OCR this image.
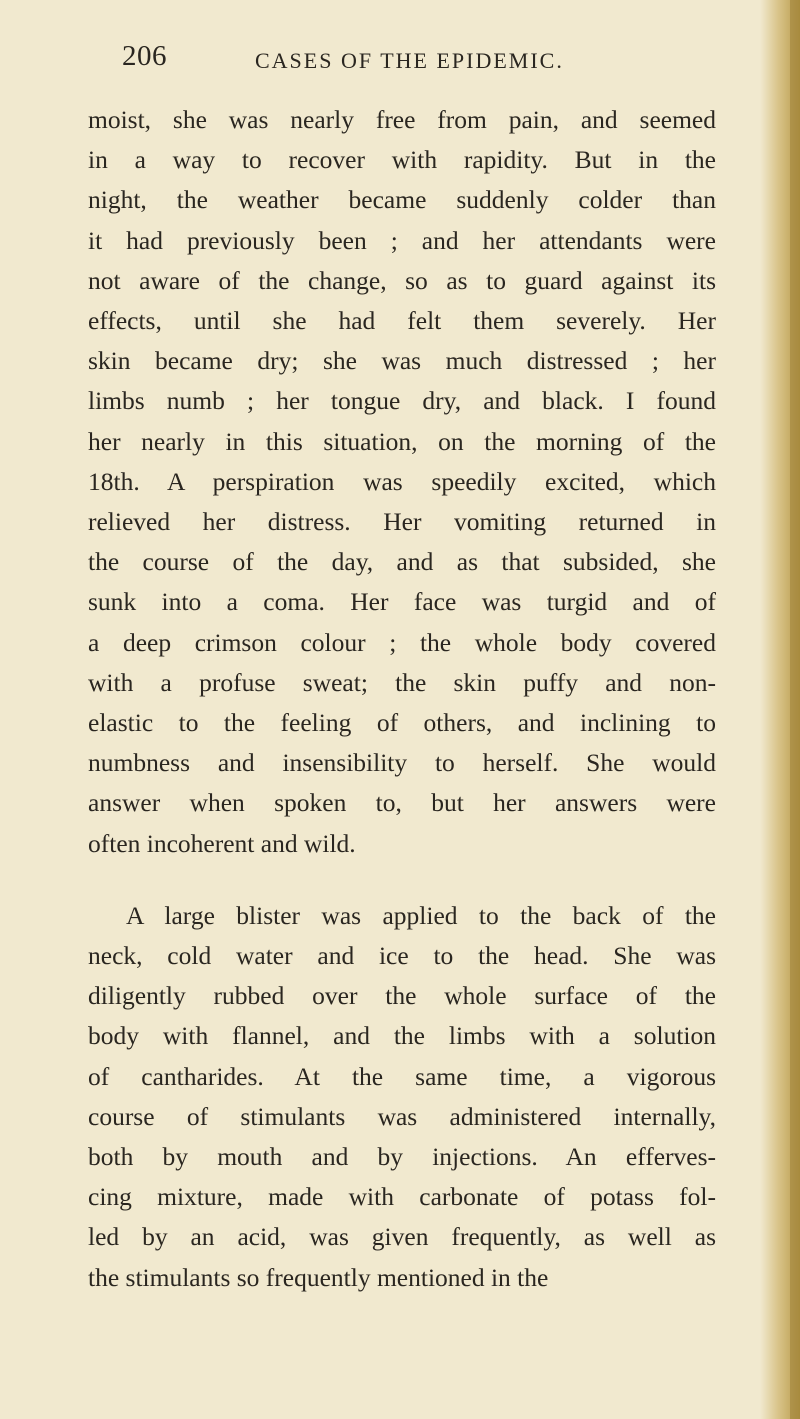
206	CASES OF THE EPIDEMIC.

moist, she was nearly free from pain, and seemed
in a way to recover with rapidity. But in the
night, the weather became suddenly colder than
it had previously been ; and her attendants were
not aware of the change, so as to guard against its
effects, until she had felt them severely. Her
skin became dry; she was much distressed ; her
limbs numb ; her tongue dry, and black. I found
her nearly in this situation, on the morning of the
18th. A perspiration was speedily excited, which
relieved her distress. Her vomiting returned in
the course of the day, and as that subsided, she
sunk into a coma. Her face was turgid and of
a deep crimson colour ; the whole body covered
with a profuse sweat; the skin puffy and non-
elastic to the feeling of others, and inclining to
numbness and insensibility to herself. She would
answer when spoken to, but her answers were
often incoherent and wild.

A large blister was applied to the back of the
neck, cold water and ice to the head. She was
diligently rubbed over the whole surface of the
body with flannel, and the limbs with a solution
of cantharides. At the same time, a vigorous
course of stimulants was administered internally,
both by mouth and by injections. An efferves-
cing mixture, made with carbonate of potass fol-
led by an acid, was given frequently, as well as
the stimulants so frequently mentioned in the
